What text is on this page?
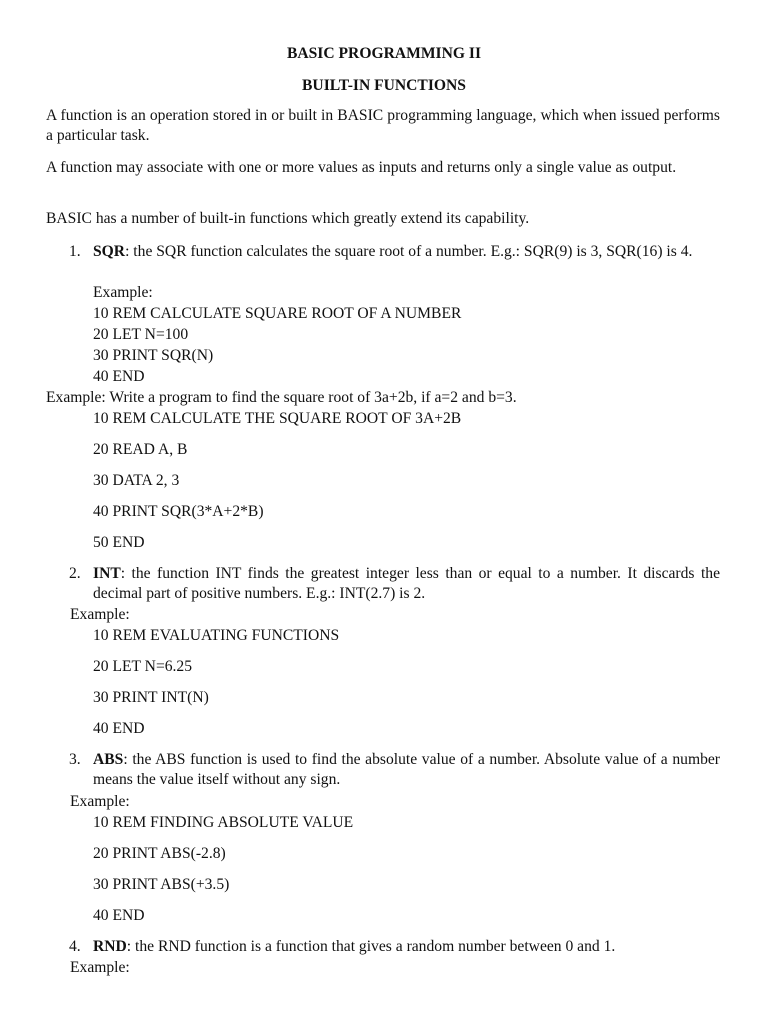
BASIC PROGRAMMING II
BUILT-IN FUNCTIONS
A function is an operation stored in or built in BASIC programming language, which when issued performs a particular task.
A function may associate with one or more values as inputs and returns only a single value as output.
BASIC has a number of built-in functions which greatly extend its capability.
1. SQR: the SQR function calculates the square root of a number. E.g.: SQR(9) is 3, SQR(16) is 4.
Example:
10 REM CALCULATE SQUARE ROOT OF A NUMBER
20 LET N=100
30 PRINT SQR(N)
40 END
Example: Write a program to find the square root of 3a+2b, if a=2 and b=3.
10 REM CALCULATE THE SQUARE ROOT OF 3A+2B
20 READ A, B
30 DATA 2, 3
40 PRINT SQR(3*A+2*B)
50 END
2. INT: the function INT finds the greatest integer less than or equal to a number. It discards the decimal part of positive numbers. E.g.: INT(2.7) is 2.
Example:
10 REM EVALUATING FUNCTIONS
20 LET N=6.25
30 PRINT INT(N)
40 END
3. ABS: the ABS function is used to find the absolute value of a number. Absolute value of a number means the value itself without any sign.
Example:
10 REM FINDING ABSOLUTE VALUE
20 PRINT ABS(-2.8)
30 PRINT ABS(+3.5)
40 END
4. RND: the RND function is a function that gives a random number between 0 and 1.
Example:
